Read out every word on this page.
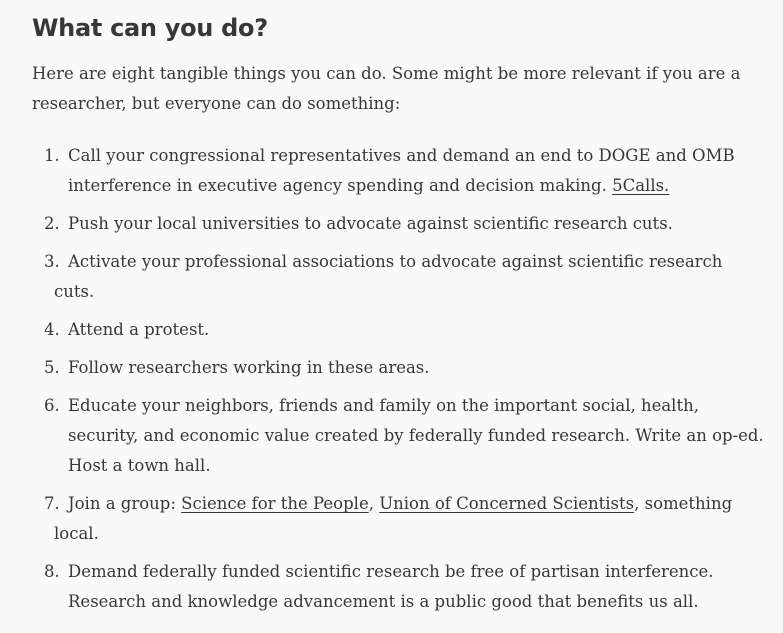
What can you do?

Here are eight tangible things you can do. Some might be more relevant if you are a researcher, but everyone can do something:

1. Call your congressional representatives and demand an end to DOGE and OMB
interference in executive agency spending and decision making. 5Calls.
2. Push your local universities to advocate against scientific research cuts.
3. Activate your professional associations to advocate against scientific research

cuts.
4. Attend a protest.
5. Follow researchers working in these areas.
6. Educate your neighbors, friends and family on the important social, health,
security, and economic value created by federally funded research. Write an op-ed.
Host a town hall.
7. Join a group: Science for the People, Union of Concerned Scientists, something

local.
8. Demand federally funded scientific research be free of partisan interference.
Research and knowledge advancement is a public good that benefits us all.
